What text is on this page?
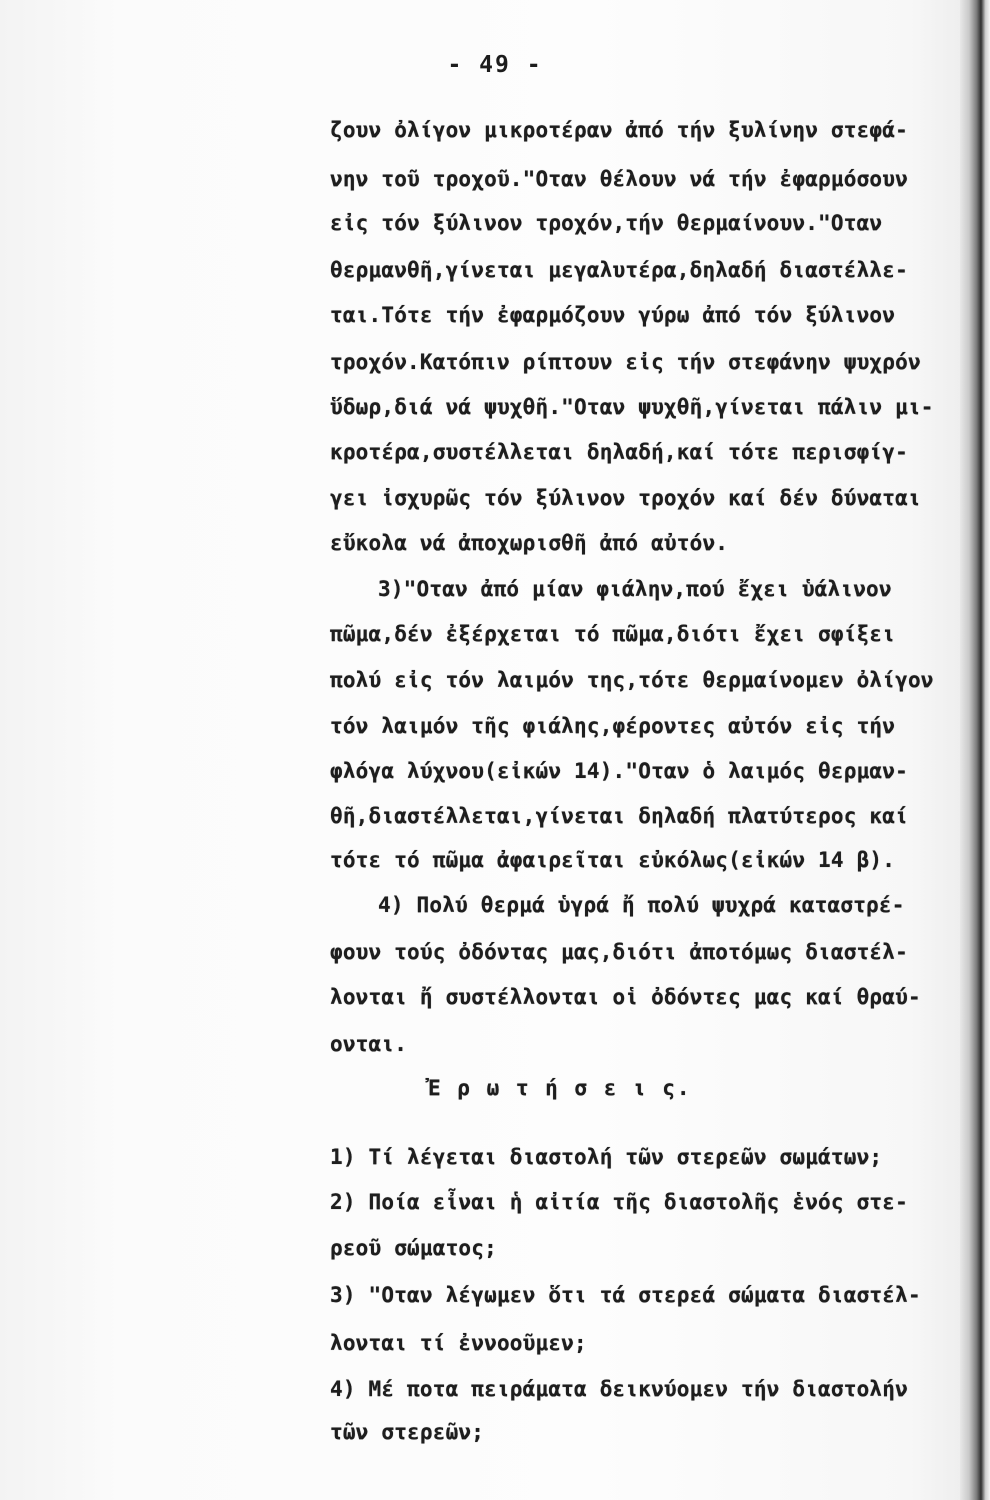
- 49 -
ζουν ὀλίγον μικροτέραν ἀπό τήν ξυλίνην στεφά-
νην τοῦ τροχοῦ."Οταν θέλουν νά τήν ἐφαρμόσουν
εἰς τόν ξύλινον τροχόν,τήν θερμαίνουν."Οταν
θερμανθῆ,γίνεται μεγαλυτέρα,δηλαδή διαστέλλε-
ται.Τότε τήν ἐφαρμόζουν γύρω ἀπό τόν ξύλινον
τροχόν.Κατόπιν ρίπτουν εἰς τήν στεφάνην ψυχρόν
ὕδωρ,διά νά ψυχθῆ."Οταν ψυχθῆ,γίνεται πάλιν μι-
κροτέρα,συστέλλεται δηλαδή,καί τότε περισφίγ-
γει ἰσχυρῶς τόν ξύλινον τροχόν καί δέν δύναται
εὔκολα νά ἀποχωρισθῆ ἀπό αὐτόν.
3)"Οταν ἀπό μίαν φιάλην,πού ἔχει ὑάλινον
πῶμα,δέν ἐξέρχεται τό πῶμα,διότι ἔχει σφίξει
πολύ εἰς τόν λαιμόν της,τότε θερμαίνομεν ὀλίγον
τόν λαιμόν τῆς φιάλης,φέροντες αὐτόν εἰς τήν
φλόγα λύχνου(εἰκών 14)."Οταν ὁ λαιμός θερμαν-
θῆ,διαστέλλεται,γίνεται δηλαδή πλατύτερος καί
τότε τό πῶμα ἀφαιρεῖται εὐκόλως(εἰκών 14 β).
4) Πολύ θερμά ὑγρά ἤ πολύ ψυχρά καταστρέ-
φουν τούς ὀδόντας μας,διότι ἀποτόμως διαστέλ-
λονται ἤ συστέλλονται οἱ ὀδόντες μας καί θραύ-
ονται.
Ἐ ρ ω τ ή σ ε ι ς.
1) Τί λέγεται διαστολή τῶν στερεῶν σωμάτων;
2) Ποία εἶναι ἡ αἰτία τῆς διαστολῆς ἑνός στε-
ρεοῦ σώματος;
3) "Οταν λέγωμεν ὅτι τά στερεά σώματα διαστέλ-
λονται τί ἐννοοῦμεν;
4) Μέ ποτα πειράματα δεικνύομεν τήν διαστολήν
τῶν στερεῶν;
